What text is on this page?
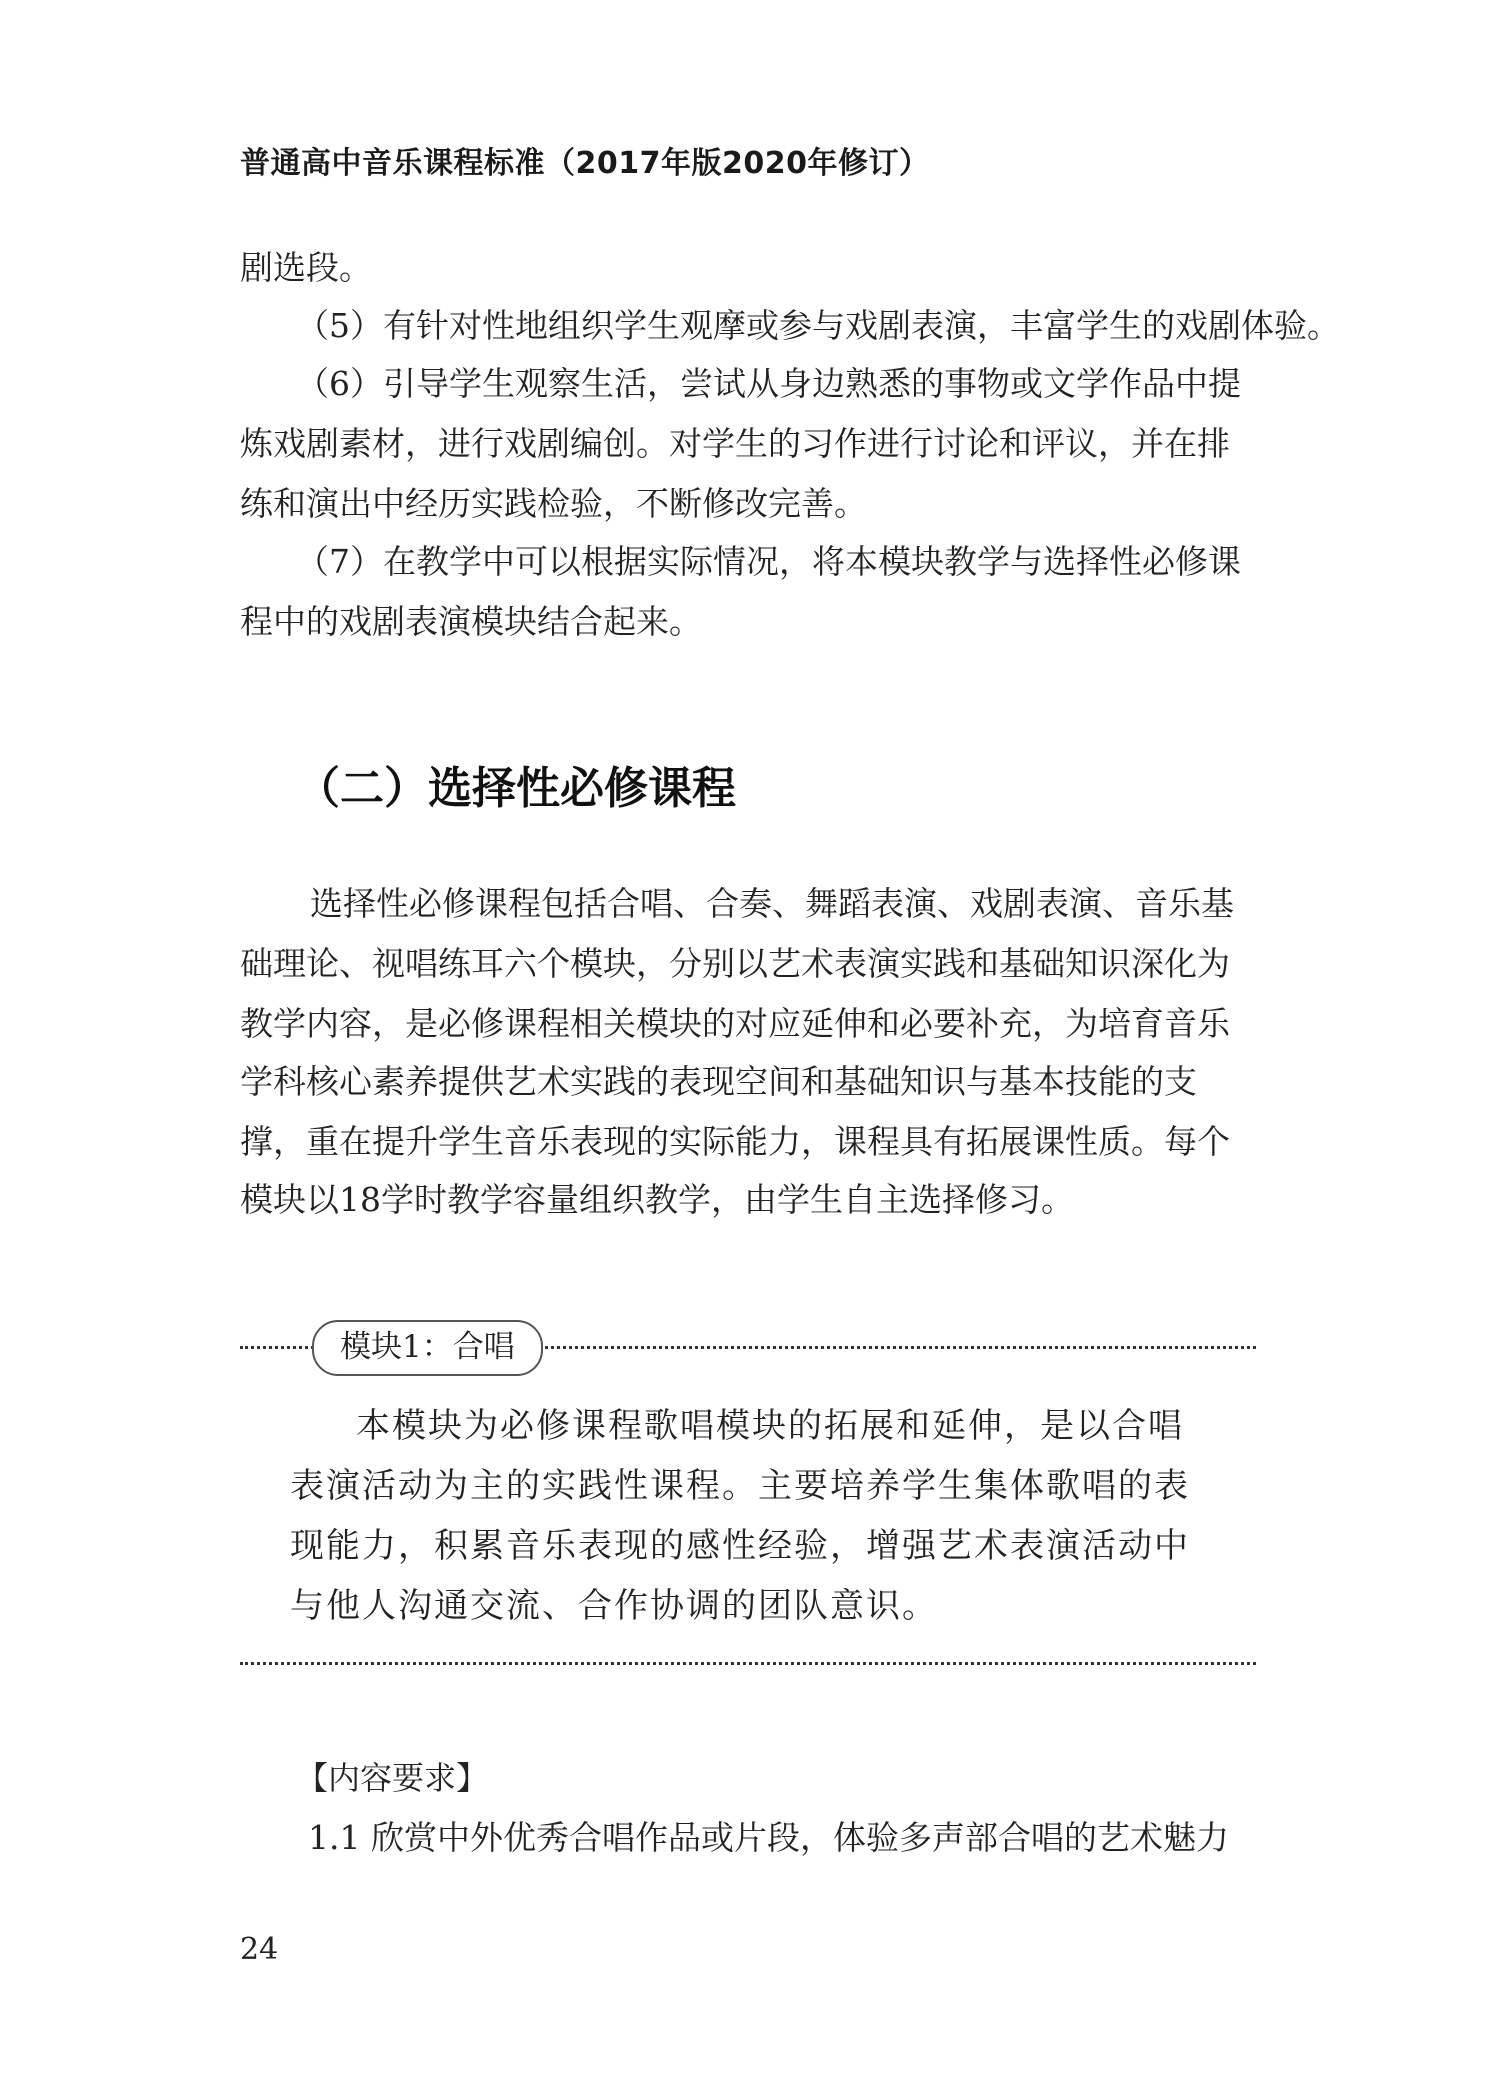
普通高中音乐课程标准（2017年版2020年修订）
剧选段。
（5）有针对性地组织学生观摩或参与戏剧表演，丰富学生的戏剧体验。
（6）引导学生观察生活，尝试从身边熟悉的事物或文学作品中提
炼戏剧素材，进行戏剧编创。对学生的习作进行讨论和评议，并在排
练和演出中经历实践检验，不断修改完善。
（7）在教学中可以根据实际情况，将本模块教学与选择性必修课
程中的戏剧表演模块结合起来。
（二）选择性必修课程
选择性必修课程包括合唱、合奏、舞蹈表演、戏剧表演、音乐基
础理论、视唱练耳六个模块，分别以艺术表演实践和基础知识深化为
教学内容，是必修课程相关模块的对应延伸和必要补充，为培育音乐
学科核心素养提供艺术实践的表现空间和基础知识与基本技能的支
撑，重在提升学生音乐表现的实际能力，课程具有拓展课性质。每个
模块以18学时教学容量组织教学，由学生自主选择修习。
模块1：合唱
本模块为必修课程歌唱模块的拓展和延伸，是以合唱
表演活动为主的实践性课程。主要培养学生集体歌唱的表
现能力，积累音乐表现的感性经验，增强艺术表演活动中
与他人沟通交流、合作协调的团队意识。
【内容要求】
1.1 欣赏中外优秀合唱作品或片段，体验多声部合唱的艺术魅力
24
